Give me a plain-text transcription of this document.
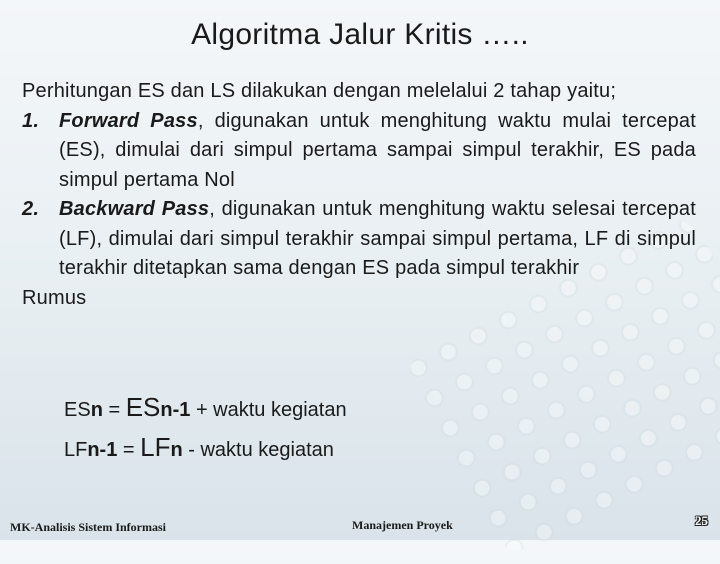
Algoritma Jalur Kritis …..

Perhitungan ES dan LS dilakukan dengan melelalui 2 tahap yaitu;

1. Forward Pass, digunakan untuk menghitung waktu mulai tercepat (ES), dimulai dari simpul pertama sampai simpul terakhir, ES pada simpul pertama Nol
2. Backward Pass, digunakan untuk menghitung waktu selesai tercepat (LF), dimulai dari simpul terakhir sampai simpul pertama, LF di simpul terakhir ditetapkan sama dengan ES pada simpul terakhir

Rumus

ES n = ES n-1 + waktu kegiatan
LF n-1 = LF n - waktu kegiatan
MK-Analisis Sistem Informasi	Manajemen Proyek	25
